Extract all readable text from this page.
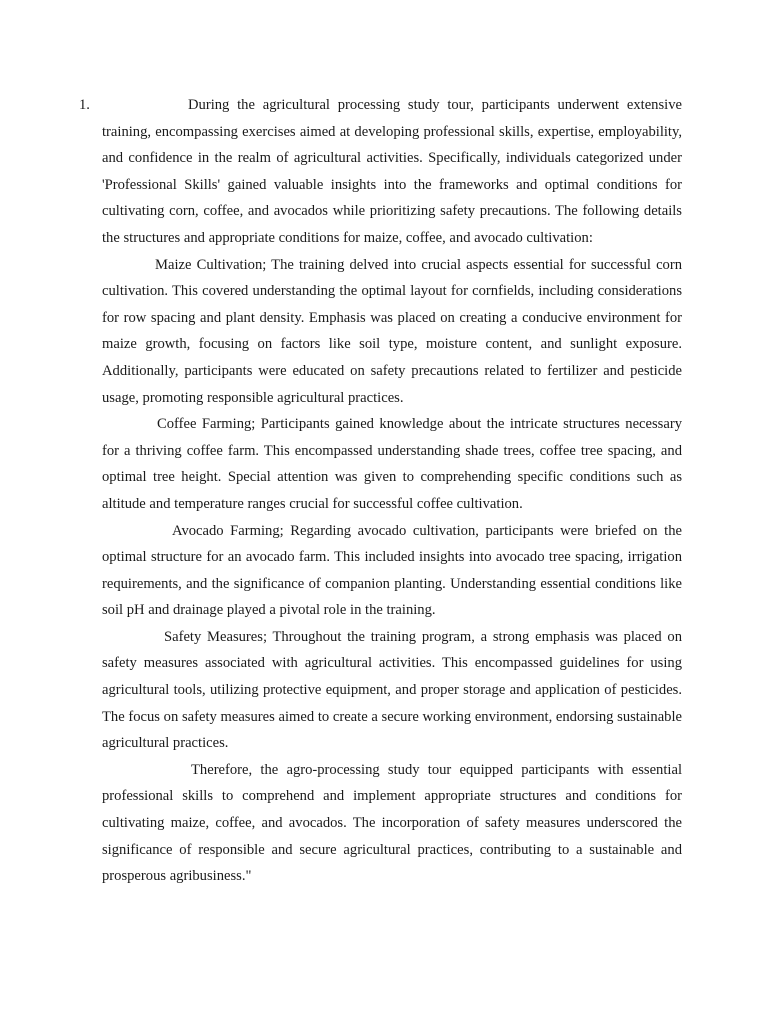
1.	During the agricultural processing study tour, participants underwent extensive training, encompassing exercises aimed at developing professional skills, expertise, employability, and confidence in the realm of agricultural activities. Specifically, individuals categorized under 'Professional Skills' gained valuable insights into the frameworks and optimal conditions for cultivating corn, coffee, and avocados while prioritizing safety precautions. The following details the structures and appropriate conditions for maize, coffee, and avocado cultivation:

Maize Cultivation; The training delved into crucial aspects essential for successful corn cultivation. This covered understanding the optimal layout for cornfields, including considerations for row spacing and plant density. Emphasis was placed on creating a conducive environment for maize growth, focusing on factors like soil type, moisture content, and sunlight exposure. Additionally, participants were educated on safety precautions related to fertilizer and pesticide usage, promoting responsible agricultural practices.

Coffee Farming; Participants gained knowledge about the intricate structures necessary for a thriving coffee farm. This encompassed understanding shade trees, coffee tree spacing, and optimal tree height. Special attention was given to comprehending specific conditions such as altitude and temperature ranges crucial for successful coffee cultivation.

Avocado Farming; Regarding avocado cultivation, participants were briefed on the optimal structure for an avocado farm. This included insights into avocado tree spacing, irrigation requirements, and the significance of companion planting. Understanding essential conditions like soil pH and drainage played a pivotal role in the training.

Safety Measures; Throughout the training program, a strong emphasis was placed on safety measures associated with agricultural activities. This encompassed guidelines for using agricultural tools, utilizing protective equipment, and proper storage and application of pesticides. The focus on safety measures aimed to create a secure working environment, endorsing sustainable agricultural practices.

Therefore, the agro-processing study tour equipped participants with essential professional skills to comprehend and implement appropriate structures and conditions for cultivating maize, coffee, and avocados. The incorporation of safety measures underscored the significance of responsible and secure agricultural practices, contributing to a sustainable and prosperous agribusiness."
